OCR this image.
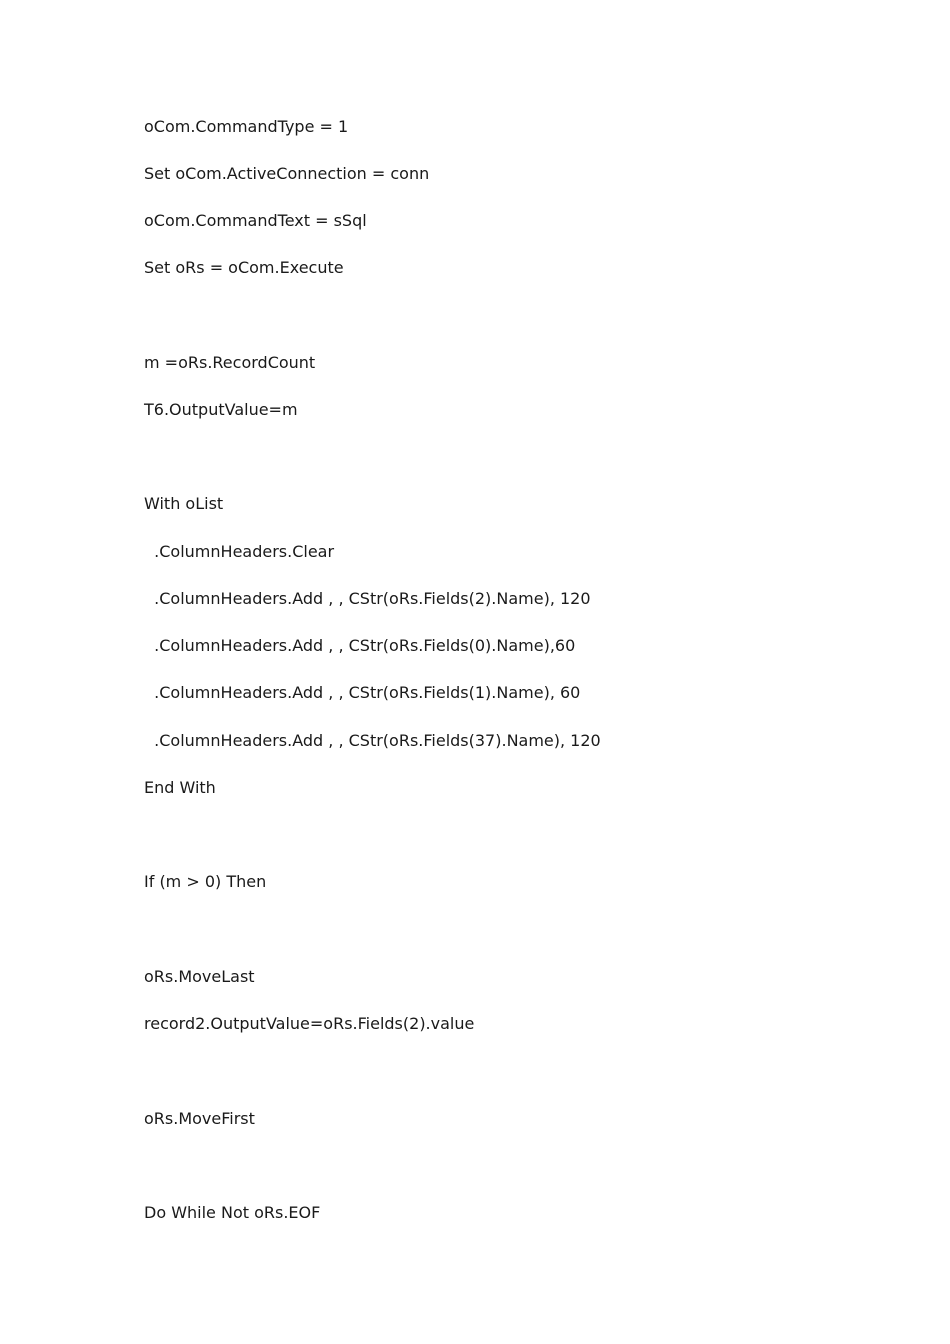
oCom.CommandType = 1

Set oCom.ActiveConnection = conn

oCom.CommandText = sSql

Set oRs = oCom.Execute

m =oRs.RecordCount

T6.OutputValue=m

With oList

.ColumnHeaders.Clear

.ColumnHeaders.Add , , CStr(oRs.Fields(2).Name), 120

.ColumnHeaders.Add , , CStr(oRs.Fields(0).Name),60

.ColumnHeaders.Add , , CStr(oRs.Fields(1).Name), 60

.ColumnHeaders.Add , , CStr(oRs.Fields(37).Name), 120

End With

If (m > 0) Then

oRs.MoveLast

record2.OutputValue=oRs.Fields(2).value

oRs.MoveFirst

Do While Not oRs.EOF
